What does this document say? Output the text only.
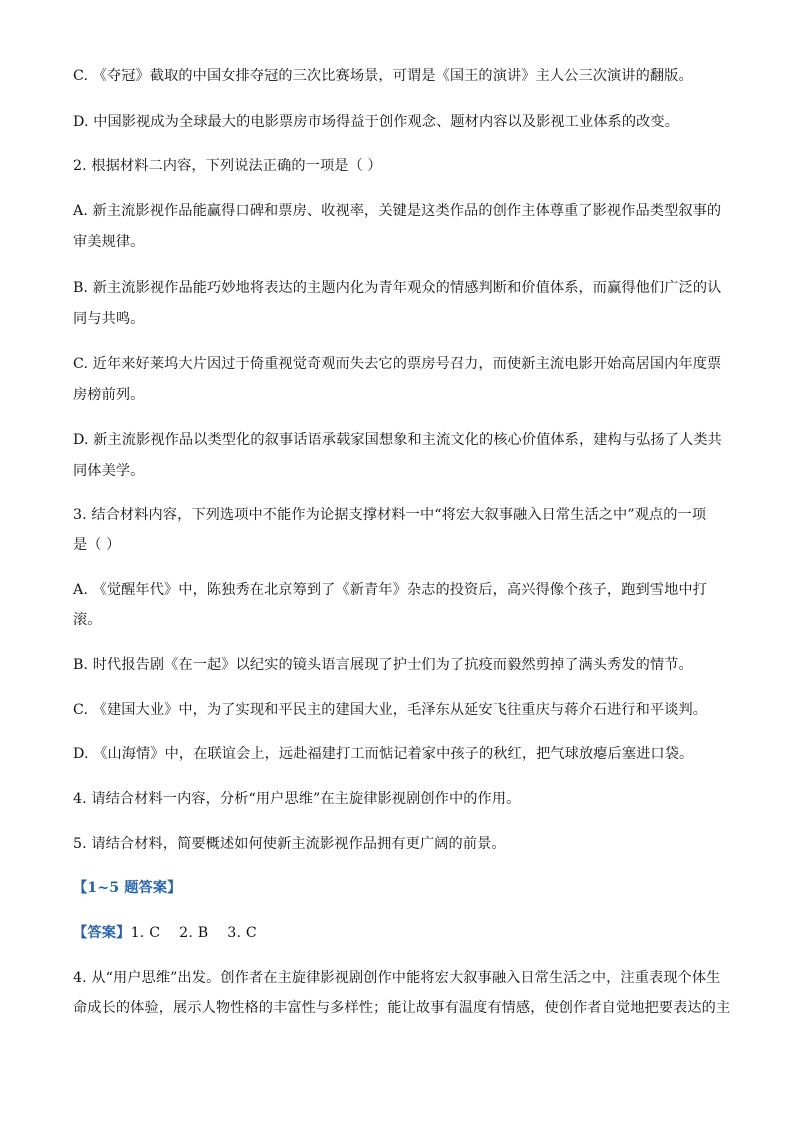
C. 《夺冠》截取的中国女排夺冠的三次比赛场景，可谓是《国王的演讲》主人公三次演讲的翻版。
D. 中国影视成为全球最大的电影票房市场得益于创作观念、题材内容以及影视工业体系的改变。
2. 根据材料二内容，下列说法正确的一项是（ ）
A. 新主流影视作品能赢得口碑和票房、收视率，关键是这类作品的创作主体尊重了影视作品类型叙事的
审美规律。
B. 新主流影视作品能巧妙地将表达的主题内化为青年观众的情感判断和价值体系，而赢得他们广泛的认
同与共鸣。
C. 近年来好莱坞大片因过于倚重视觉奇观而失去它的票房号召力，而使新主流电影开始高居国内年度票
房榜前列。
D. 新主流影视作品以类型化的叙事话语承载家国想象和主流文化的核心价值体系，建构与弘扬了人类共
同体美学。
3. 结合材料内容，下列选项中不能作为论据支撑材料一中“将宏大叙事融入日常生活之中”观点的一项
是（ ）
A. 《觉醒年代》中，陈独秀在北京筹到了《新青年》杂志的投资后，高兴得像个孩子，跑到雪地中打
滚。
B. 时代报告剧《在一起》以纪实的镜头语言展现了护士们为了抗疫而毅然剪掉了满头秀发的情节。
C. 《建国大业》中，为了实现和平民主的建国大业，毛泽东从延安飞往重庆与蒋介石进行和平谈判。
D. 《山海情》中，在联谊会上，远赴福建打工而惦记着家中孩子的秋红，把气球放瘪后塞进口袋。
4. 请结合材料一内容，分析“用户思维”在主旋律影视剧创作中的作用。
5. 请结合材料，简要概述如何使新主流影视作品拥有更广阔的前景。
【1~5 题答案】
【答案】1. C    2. B    3. C
4. 从“用户思维”出发。创作者在主旋律影视剧创作中能将宏大叙事融入日常生活之中，注重表现个体生
命成长的体验，展示人物性格的丰富性与多样性；能让故事有温度有情感，使创作者自觉地把要表达的主
